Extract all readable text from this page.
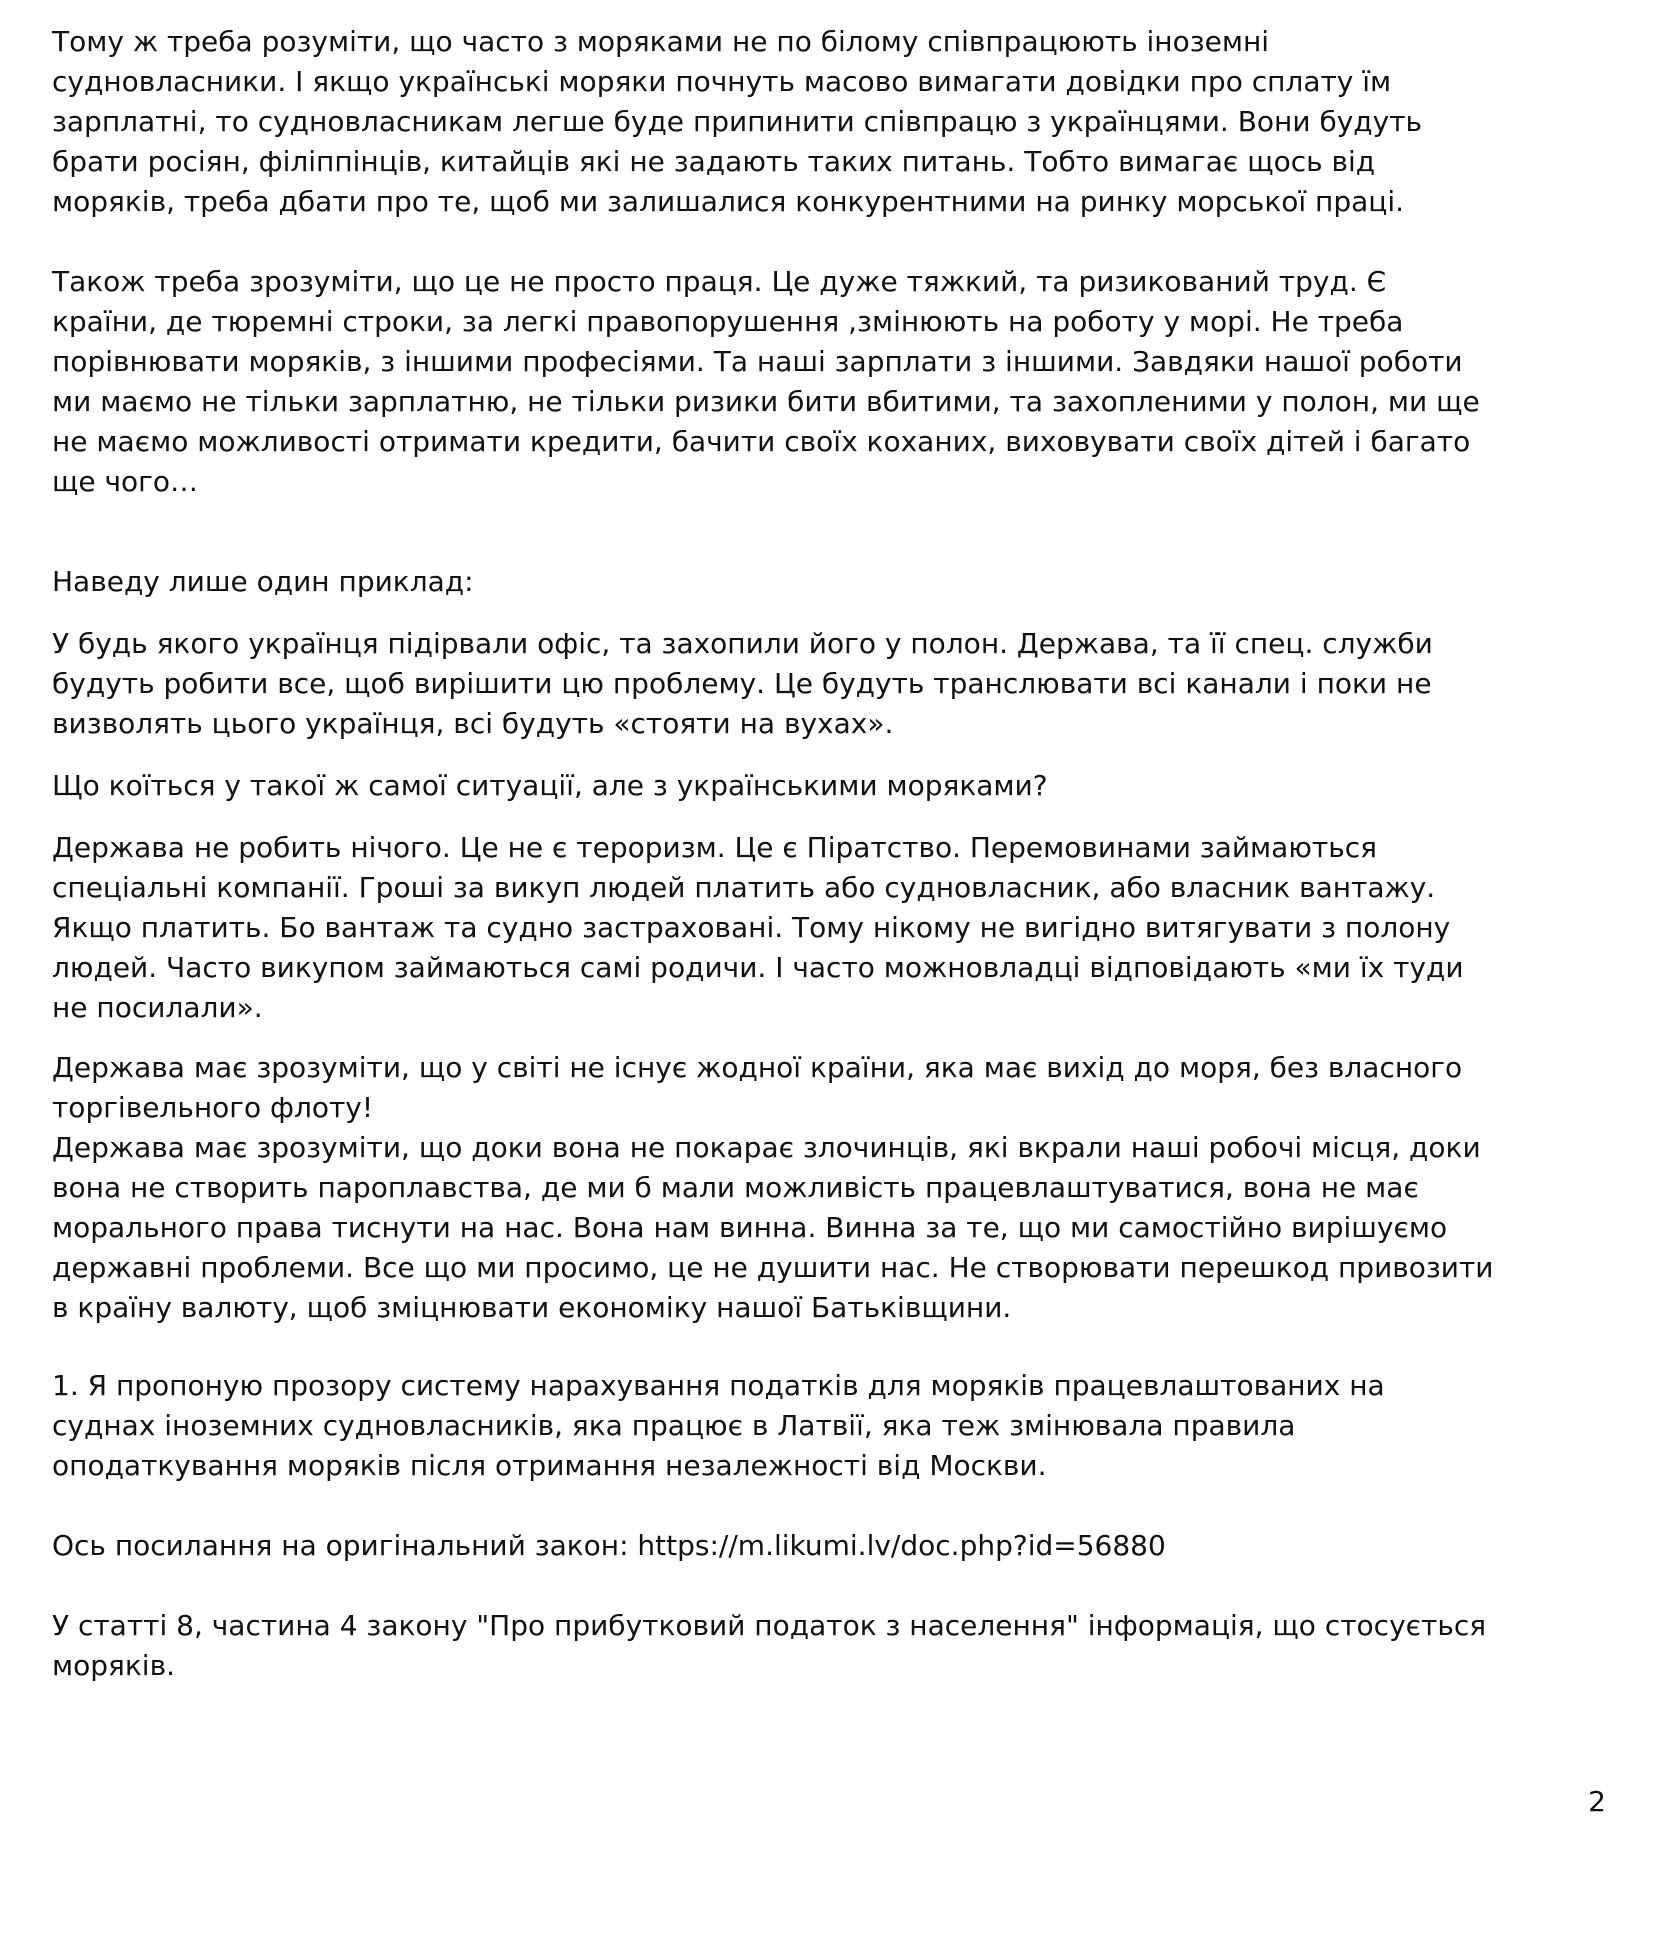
Тому ж треба розуміти, що часто з моряками не по білому співпрацюють іноземні
судновласники. І якщо українські моряки почнуть масово вимагати довідки про сплату їм
зарплатні, то судновласникам легше буде припинити співпрацю з українцями. Вони будуть
брати росіян, філіппінців, китайців які не задають таких питань. Тобто вимагає щось від
моряків, треба дбати про те, щоб ми залишалися конкурентними на ринку морської праці.

Також треба зрозуміти, що це не просто праця. Це дуже тяжкий, та ризикований труд. Є
країни, де тюремні строки, за легкі правопорушення ,змінюють на роботу у морі. Не треба
порівнювати моряків, з іншими професіями. Та наші зарплати з іншими. Завдяки нашої роботи
ми маємо не тільки зарплатню, не тільки ризики бити вбитими, та захопленими у полон, ми ще
не маємо можливості отримати кредити, бачити своїх коханих, виховувати своїх дітей і багато
ще чого…

Наведу лише один приклад:

У будь якого українця підірвали офіс, та захопили його у полон. Держава, та її спец. служби
будуть робити все, щоб вирішити цю проблему. Це будуть транслювати всі канали і поки не
визволять цього українця, всі будуть «стояти на вухах».

Що коїться у такої ж самої ситуації, але з українськими моряками?

Держава не робить нічого. Це не є тероризм. Це є Піратство. Перемовинами займаються
спеціальні компанії. Гроші за викуп людей платить або судновласник, або власник вантажу.
Якщо платить. Бо вантаж та судно застраховані. Тому нікому не вигідно витягувати з полону
людей. Часто викупом займаються самі родичи. І часто можновладці відповідають «ми їх туди
не посилали».

Держава має зрозуміти, що у світі не існує жодної країни, яка має вихід до моря, без власного
торгівельного флоту!
Держава має зрозуміти, що доки вона не покарає злочинців, які вкрали наші робочі місця, доки
вона не створить пароплавства, де ми б мали можливість працевлаштуватися, вона не має
морального права тиснути на нас. Вона нам винна. Винна за те, що ми самостійно вирішуємо
державні проблеми. Все що ми просимо, це не душити нас. Не створювати перешкод привозити
в країну валюту, щоб зміцнювати економіку нашої Батьківщини.

1. Я пропоную прозору систему нарахування податків для моряків працевлаштованих на
суднах іноземних судновласників, яка працює в Латвії, яка теж змінювала правила
оподаткування моряків після отримання незалежності від Москви.

Ось посилання на оригінальний закон: https://m.likumi.lv/doc.php?id=56880

У статті 8, частина 4 закону "Про прибутковий податок з населення" інформація, що стосується
моряків.

2
